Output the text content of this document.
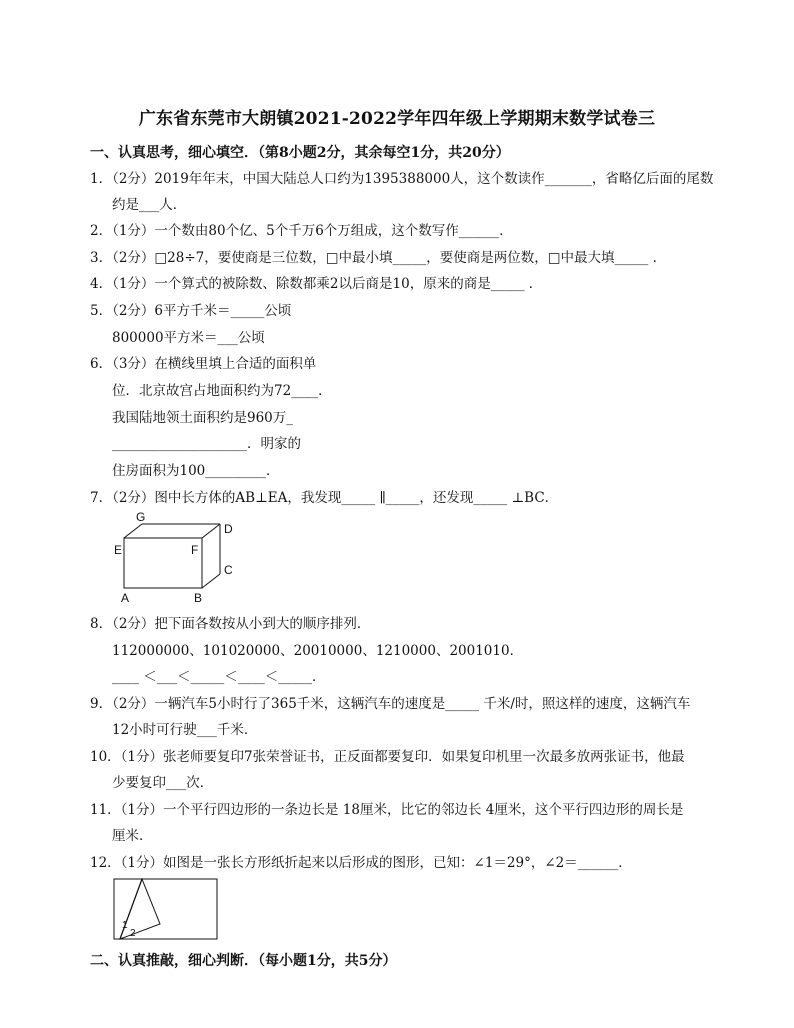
广东省东莞市大朗镇2021-2022学年四年级上学期期末数学试卷三
一、认真思考，细心填空．（第8小题2分，其余每空1分，共20分）
1．（2分）2019年年末，中国大陆总人口约为1395388000人，这个数读作_______，省略亿后面的尾数
约是___人．
2．（1分）一个数由80个亿、5个千万6个万组成，这个数写作______．
3．（2分）□28÷7，要使商是三位数，□中最小填_____，要使商是两位数，□中最大填_____ ．
4．（1分）一个算式的被除数、除数都乘2以后商是10，原来的商是_____ ．
5．（2分）6平方千米＝_____公顷
800000平方米＝___公顷
6．（3分）在横线里填上合适的面积单
位．北京故宫占地面积约为72____．
我国陆地领土面积约是960万_
____________________．明家的
住房面积为100_________．
7．（2分）图中长方体的AB⊥EA，我发现_____ ∥_____，还发现_____ ⊥BC．
G
D
E	F
C
A	B
8．（2分）把下面各数按从小到大的顺序排列．
112000000、101020000、20010000、1210000、2001010．
____ ＜___＜_____＜____＜_____．
9．（2分）一辆汽车5小时行了365千米，这辆汽车的速度是_____ 千米/时，照这样的速度，这辆汽车
12小时可行驶___千米．
10．（1分）张老师要复印7张荣誉证书，正反面都要复印．如果复印机里一次最多放两张证书，他最
少要复印___次．
11．（1分）一个平行四边形的一条边长是 18厘米，比它的邻边长 4厘米，这个平行四边形的周长是
厘米．
12．（1分）如图是一张长方形纸折起来以后形成的图形，已知：∠1＝29°，∠2＝______．
1
2
二、认真推敲，细心判断．（每小题1分，共5分）
